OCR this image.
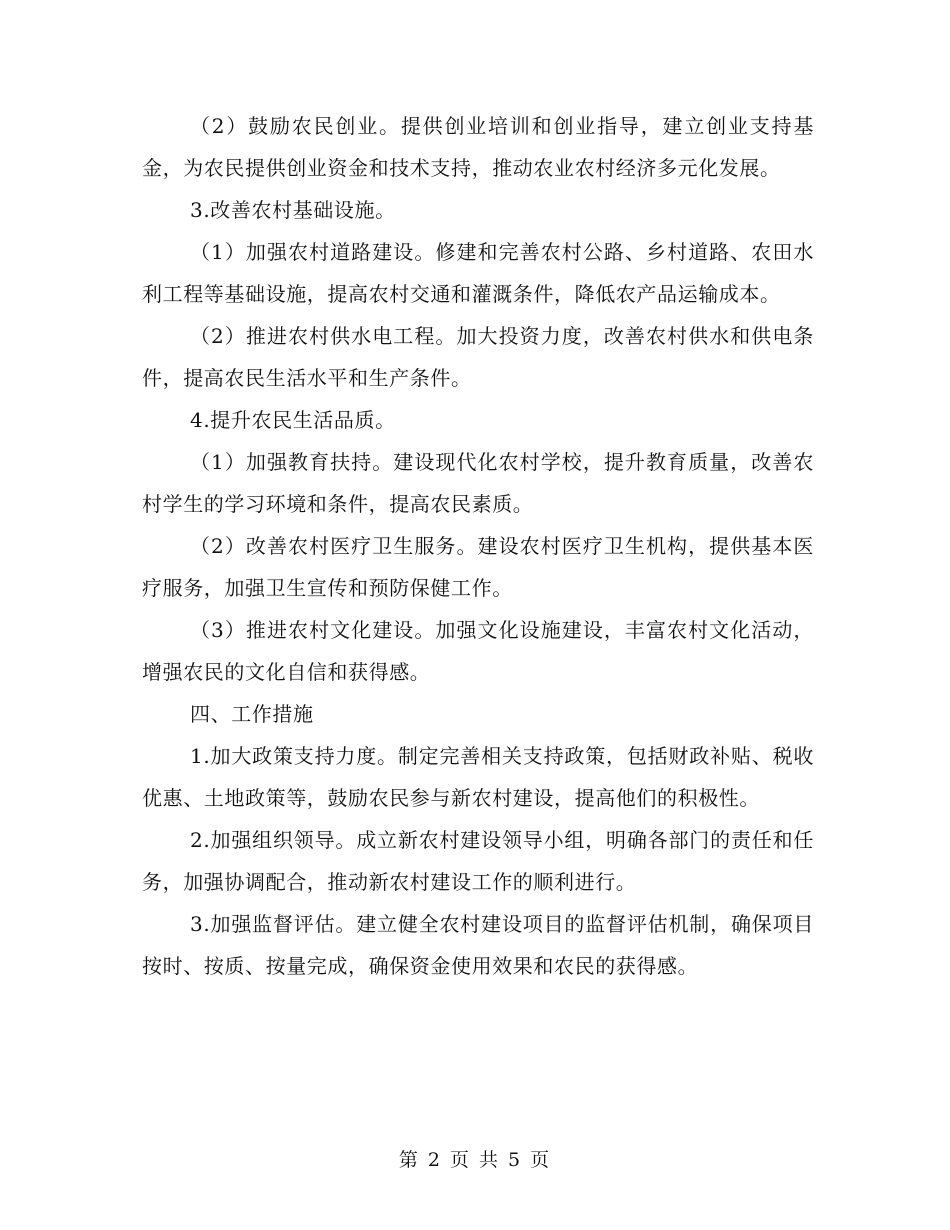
（2）鼓励农民创业。提供创业培训和创业指导，建立创业支持基金，为农民提供创业资金和技术支持，推动农业农村经济多元化发展。

3.改善农村基础设施。

（1）加强农村道路建设。修建和完善农村公路、乡村道路、农田水利工程等基础设施，提高农村交通和灌溉条件，降低农产品运输成本。

（2）推进农村供水电工程。加大投资力度，改善农村供水和供电条件，提高农民生活水平和生产条件。

4.提升农民生活品质。

（1）加强教育扶持。建设现代化农村学校，提升教育质量，改善农村学生的学习环境和条件，提高农民素质。

（2）改善农村医疗卫生服务。建设农村医疗卫生机构，提供基本医疗服务，加强卫生宣传和预防保健工作。

（3）推进农村文化建设。加强文化设施建设，丰富农村文化活动，增强农民的文化自信和获得感。

四、工作措施

1.加大政策支持力度。制定完善相关支持政策，包括财政补贴、税收优惠、土地政策等，鼓励农民参与新农村建设，提高他们的积极性。

2.加强组织领导。成立新农村建设领导小组，明确各部门的责任和任务，加强协调配合，推动新农村建设工作的顺利进行。

3.加强监督评估。建立健全农村建设项目的监督评估机制，确保项目按时、按质、按量完成，确保资金使用效果和农民的获得感。

第 2 页 共 5 页
